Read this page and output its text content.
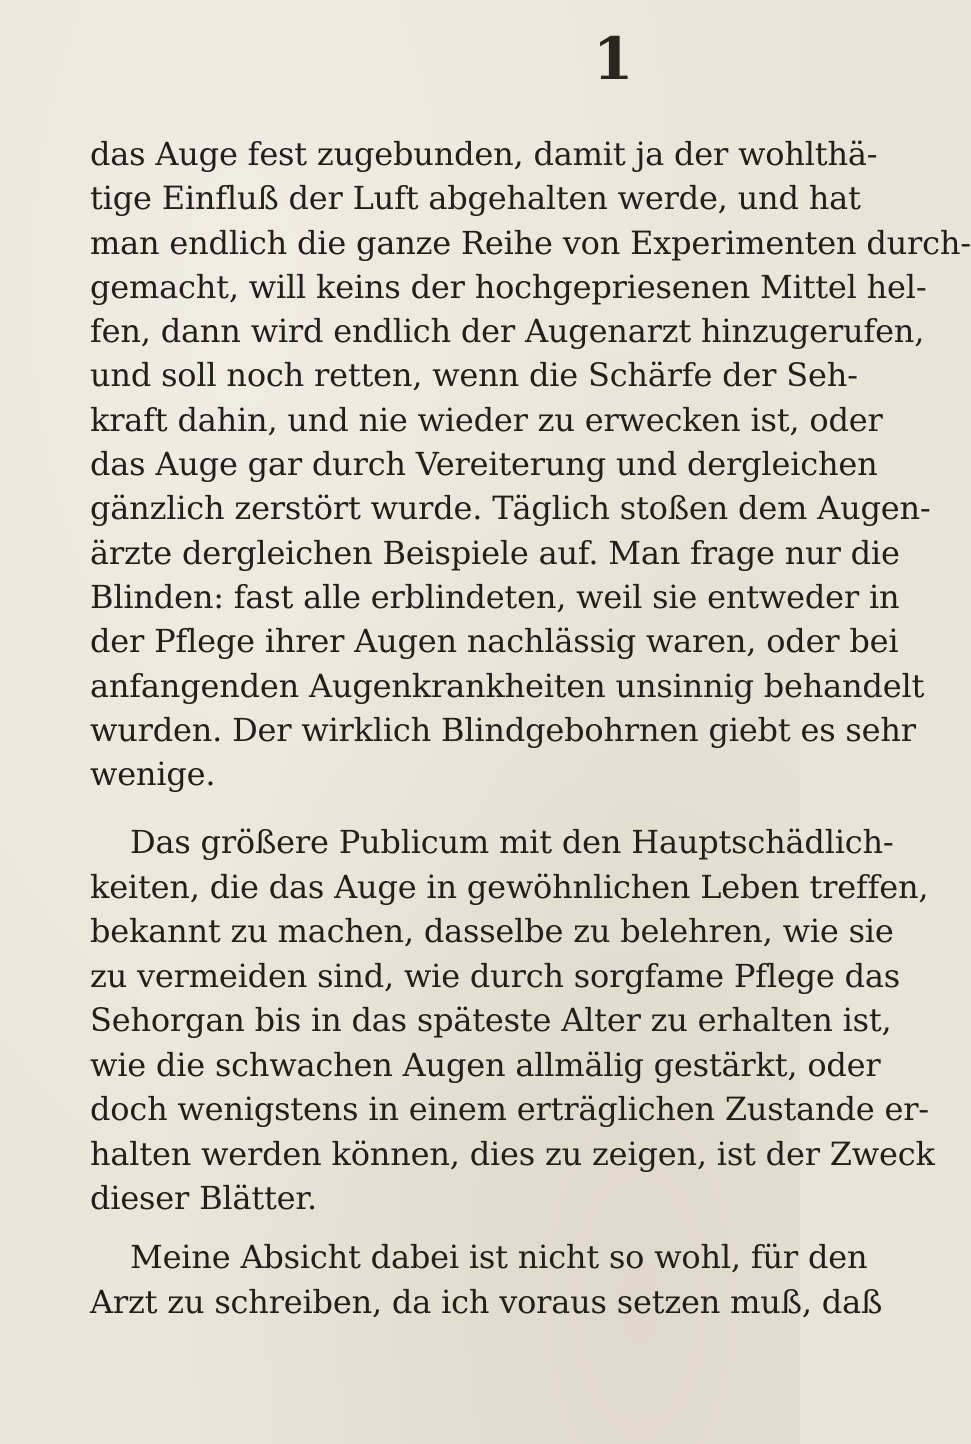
1
das Auge fest zugebunden, damit ja der wohlthä-
tige Einfluß der Luft abgehalten werde, und hat
man endlich die ganze Reihe von Experimenten durch-
gemacht, will keins der hochgepriesenen Mittel hel-
fen, dann wird endlich der Augenarzt hinzugerufen,
und soll noch retten, wenn die Schärfe der Seh-
kraft dahin, und nie wieder zu erwecken ist, oder
das Auge gar durch Vereiterung und dergleichen
gänzlich zerstört wurde. Täglich stoßen dem Augen-
ärzte dergleichen Beispiele auf. Man frage nur die
Blinden: fast alle erblindeten, weil sie entweder in
der Pflege ihrer Augen nachlässig waren, oder bei
anfangenden Augenkrankheiten unsinnig behandelt
wurden. Der wirklich Blindgebohrnen giebt es sehr
wenige.
Das größere Publicum mit den Hauptschädlich-
keiten, die das Auge in gewöhnlichen Leben treffen,
bekannt zu machen, dasselbe zu belehren, wie sie
zu vermeiden sind, wie durch sorgfame Pflege das
Sehorgan bis in das späteste Alter zu erhalten ist,
wie die schwachen Augen allmälig gestärkt, oder
doch wenigstens in einem erträglichen Zustande er-
halten werden können, dies zu zeigen, ist der Zweck
dieser Blätter.
Meine Absicht dabei ist nicht so wohl, für den
Arzt zu schreiben, da ich voraus setzen muß, daß
